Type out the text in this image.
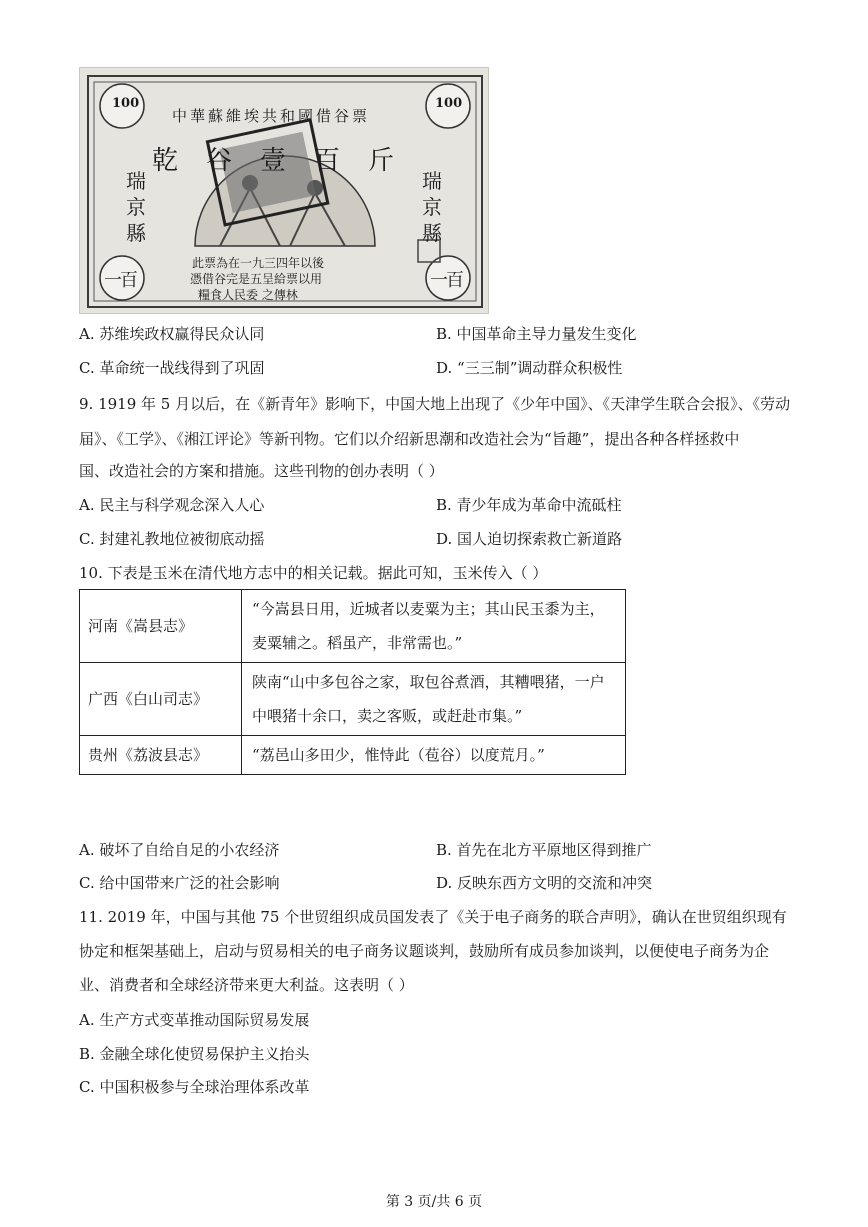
100	100
中華蘇維埃共和國借谷票
乾谷壹百斤
瑞京縣
瑞京縣
一百	一百
此票為在一九三四年以後
憑借谷完是五呈給票以用
糧食人民委 之傳林
A. 苏维埃政权赢得民众认同	B. 中国革命主导力量发生变化
C. 革命统一战线得到了巩固	D. “三三制”调动群众积极性
9. 1919 年 5 月以后，在《新青年》影响下，中国大地上出现了《少年中国》、《天津学生联合会报》、《劳动
届》、《工学》、《湘江评论》等新刊物。它们以介绍新思潮和改造社会为“旨趣”，提出各种各样拯救中
国、改造社会的方案和措施。这些刊物的创办表明（ ）
A. 民主与科学观念深入人心	B. 青少年成为革命中流砥柱
C. 封建礼教地位被彻底动摇	D. 国人迫切探索救亡新道路
10. 下表是玉米在清代地方志中的相关记载。据此可知，玉米传入（ ）
河南《嵩县志》	“今嵩县日用，近城者以麦粟为主；其山民玉黍为主，麦粟辅之。稻虽产，非常需也。”
广西《白山司志》	陕南“山中多包谷之家，取包谷煮酒，其糟喂猪，一户中喂猪十余口，卖之客贩，或赶赴市集。”
贵州《荔波县志》	“荔邑山多田少，惟恃此（苞谷）以度荒月。”
A. 破坏了自给自足的小农经济	B. 首先在北方平原地区得到推广
C. 给中国带来广泛的社会影响	D. 反映东西方文明的交流和冲突
11. 2019 年，中国与其他 75 个世贸组织成员国发表了《关于电子商务的联合声明》，确认在世贸组织现有
协定和框架基础上，启动与贸易相关的电子商务议题谈判，鼓励所有成员参加谈判，以便使电子商务为企
业、消费者和全球经济带来更大利益。这表明（ ）
A. 生产方式变革推动国际贸易发展
B. 金融全球化使贸易保护主义抬头
C. 中国积极参与全球治理体系改革
第 3 页/共 6 页
